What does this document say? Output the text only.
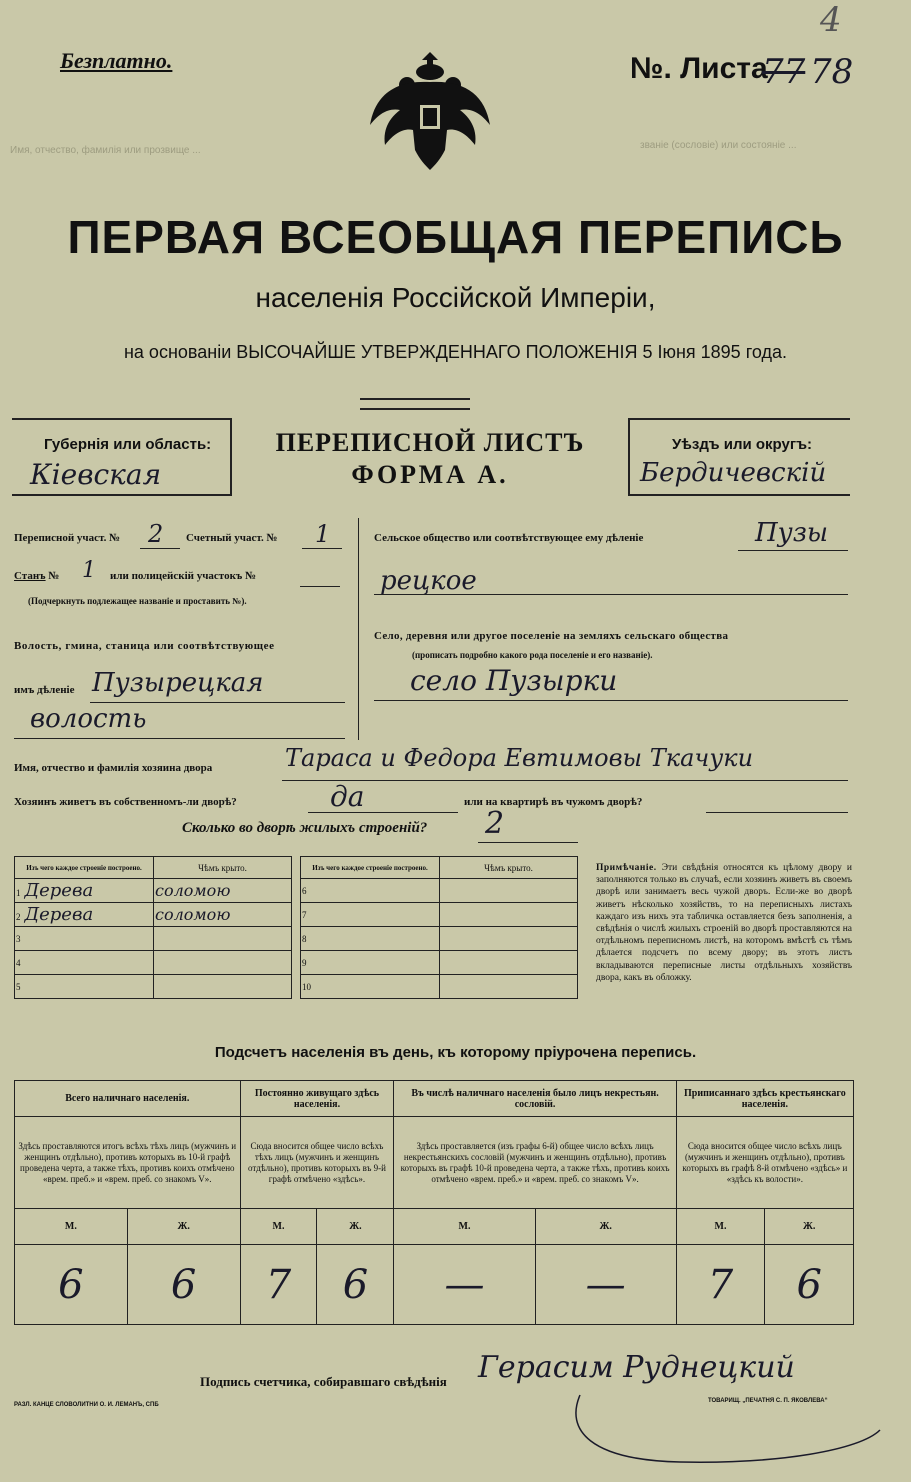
Имя, отчество, фамилія или прозвище ...	званіе (сословіе) или состояніе ...
Безплатно.	№. Листа
77 78
4
ПЕРВАЯ ВСЕОБЩАЯ ПЕРЕПИСЬ
населенія Россійской Имперіи,
на основаніи ВЫСОЧАЙШЕ УТВЕРЖДЕННАГО ПОЛОЖЕНІЯ 5 Іюня 1895 года.
Губернія или область:
Кіевская
ПЕРЕПИСНОЙ ЛИСТЪ
ФОРМА А.
Уѣздъ или округъ:
Бердичевскій
Переписной участ. № 2 Счетный участ. № 1
Станъ № 1 или полицейскій участокъ №
(Подчеркнуть подлежащее названіе и проставить №).
Волость, гмина, станица или соотвѣтствующее
имъ дѣленіе Пузырецкая
волость
Сельское общество или соотвѣтствующее ему дѣленіе	Пузы
рецкое
Село, деревня или другое поселеніе на земляхъ сельскаго общества
(прописать подробно какого рода поселеніе и его названіе).
село Пузырки
Имя, отчество и фамилія хозяина двора	Тараса и Федора Евтимовы Ткачуки
Хозяинъ живетъ въ собственномъ-ли дворѣ?	да	или на квартирѣ въ чужомъ дворѣ?
Сколько во дворѣ жилыхъ строеній? 2
Изъ чего каждое строеніе построено.	Чѣмъ крыто.
1 Дерева	соломою
2 Дерева	соломою
3	
4	
5	
Изъ чего каждое строеніе построено.	Чѣмъ крыто.
6	
7	
8	
9	
10	
Примѣчаніе. Эти свѣдѣнія относятся къ цѣлому двору и заполняются только въ случаѣ, если хозяинъ живетъ въ своемъ дворѣ или занимаетъ весь чужой дворъ. Если-же во дворѣ живетъ нѣсколько хозяйствъ, то на переписныхъ листахъ каждаго изъ нихъ эта табличка оставляется безъ заполненія, а свѣдѣнія о числѣ жилыхъ строеній во дворѣ проставляются на отдѣльномъ переписномъ листѣ, на которомъ вмѣстѣ съ тѣмъ дѣлается подсчетъ по всему двору; въ этотъ листъ вкладываются переписные листы отдѣльныхъ хозяйствъ двора, какъ въ обложку.
Подсчетъ населенія въ день, къ которому пріурочена перепись.
Всего наличнаго населенія.		Постоянно живущаго здѣсь населенія.		Въ числѣ наличнаго населенія было лицъ некрестьян. сословій.		Приписаннаго здѣсь крестьянскаго населенія.	
Здѣсь проставляются итогъ всѣхъ тѣхъ лицъ (мужчинъ и женщинъ отдѣльно), противъ которыхъ въ 10-й графѣ проведена черта, а также тѣхъ, противъ коихъ отмѣчено «врем. преб.» и «врем. преб. со знакомъ V».		Сюда вносится общее число всѣхъ тѣхъ лицъ (мужчинъ и женщинъ отдѣльно), противъ которыхъ въ 9-й графѣ отмѣчено «здѣсь».		Здѣсь проставляется (изъ графы 6-й) общее число всѣхъ лицъ некрестьянскихъ сословій (мужчинъ и женщинъ отдѣльно), противъ которыхъ въ графѣ 10-й проведена черта, а также тѣхъ, противъ коихъ отмѣчено «врем. преб.» и «врем. преб. со знакомъ V».		Сюда вносится общее число всѣхъ лицъ (мужчинъ и женщинъ отдѣльно), противъ которыхъ въ графѣ 8-й отмѣчено «здѣсь» и «здѣсь къ волости».	
М.	Ж.	М.	Ж.	М.	Ж.	М.	Ж.
6	6	7	6	—	—	7	6
Подпись счетчика, собиравшаго свѣдѣнія Герасим Руднецкий
РАЗЛ. КАНЦЕ СЛОВОЛИТНИ О. И. ЛЕМАНЪ, СПБ
ТОВАРИЩ. „ПЕЧАТНЯ С. П. ЯКОВЛЕВА“
